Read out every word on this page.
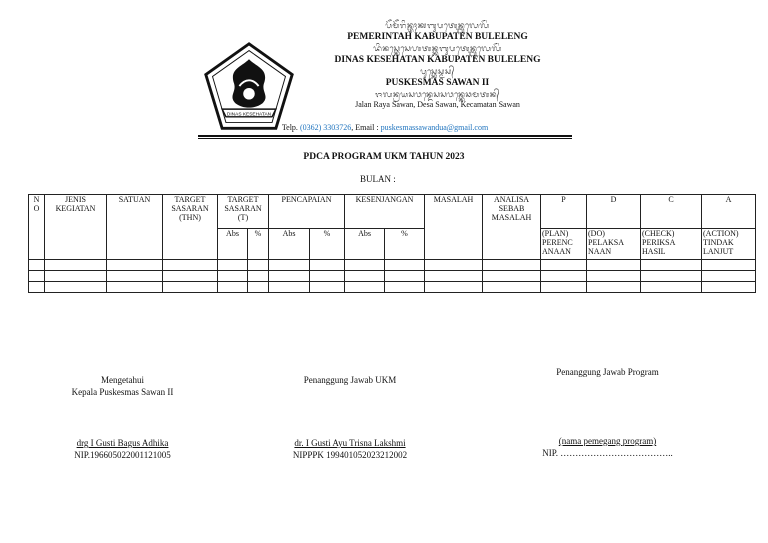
DINAS KESEHATAN
ᬧᭂᬫᭂᬭᬶᬦ᭄ᬢᬄᬓᬩᬸᬧᬢᬾᬦ᭄ᬩᬸᬮᬾᬮᭂᬂ
PEMERINTAH KABUPATEN BULELENG
ᬤᬶᬦᬲ᭄ᬓᬾᬲᬾᬳᬢᬦ᭄ᬓᬩᬸᬧᬢᬾᬦ᭄ᬩᬸᬮᬾᬮᭂᬂ
DINAS KESEHATAN KABUPATEN BULELENG
ᬧᬸᬲ᭄ᬓᬾᬲ᭄ᬫᬲ᭄
PUSKESMAS SAWAN II
ᬚᬮᬦ᭄ᬭᬬᬲᬯᬦ᭄ᬤᬾᬲᬲᬯᬦ᭄ᬓᬾᬘᬫᬢᬦ᭄
Jalan Raya Sawan, Desa Sawan, Kecamatan Sawan
Telp. (0362) 3303726, Email : puskesmassawandua@gmail.com
PDCA PROGRAM UKM TAHUN 2023
BULAN :
N O	JENIS KEGIATAN	SATUAN	TARGET SASARAN (THN)	TARGET SASARAN (T)		PENCAPAIAN		KESENJANGAN		MASALAH	ANALISA SEBAB MASALAH	P	D	C	A
				Abs	%	Abs	%	Abs	%			(PLAN) PERENC ANAAN	(DO) PELAKSA NAAN	(CHECK) PERIKSA HASIL	(ACTION) TINDAK LANJUT

Mengetahui
Kepala Puskesmas Sawan II
drg I Gusti Bagus Adhika
NIP.196605022001121005
Penanggung Jawab UKM
dr. I Gusti Ayu Trisna Lakshmi
NIPPPK 199401052023212002
Penanggung Jawab Program
(nama pemegang program)
NIP. ………………………………..
